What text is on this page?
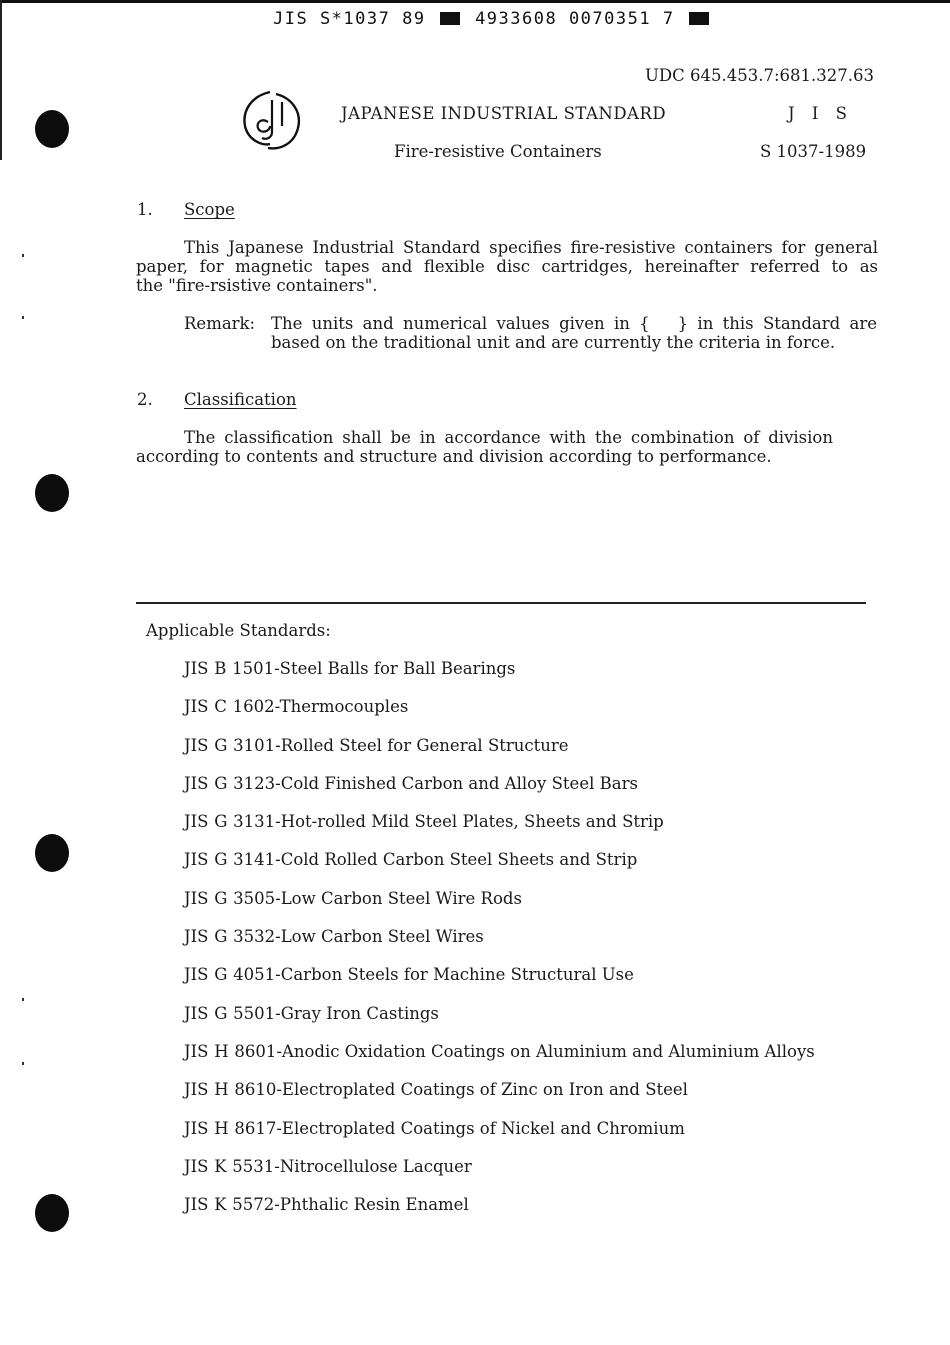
JIS S*1037 89	4933608 0070351 7
UDC 645.453.7:681.327.63
JAPANESE INDUSTRIAL STANDARD	J I S
Fire-resistive Containers	S 1037-1989
1. Scope
This Japanese Industrial Standard specifies fire-resistive containers for general
paper, for magnetic tapes and flexible disc cartridges, hereinafter referred to as
the "fire-rsistive containers".
Remark: The units and numerical values given in {   } in this Standard are
based on the traditional unit and are currently the criteria in force.
2. Classification
The classification shall be in accordance with the combination of division
according to contents and structure and division according to performance.
Applicable Standards:
JIS B 1501-Steel Balls for Ball Bearings
JIS C 1602-Thermocouples
JIS G 3101-Rolled Steel for General Structure
JIS G 3123-Cold Finished Carbon and Alloy Steel Bars
JIS G 3131-Hot-rolled Mild Steel Plates, Sheets and Strip
JIS G 3141-Cold Rolled Carbon Steel Sheets and Strip
JIS G 3505-Low Carbon Steel Wire Rods
JIS G 3532-Low Carbon Steel Wires
JIS G 4051-Carbon Steels for Machine Structural Use
JIS G 5501-Gray Iron Castings
JIS H 8601-Anodic Oxidation Coatings on Aluminium and Aluminium Alloys
JIS H 8610-Electroplated Coatings of Zinc on Iron and Steel
JIS H 8617-Electroplated Coatings of Nickel and Chromium
JIS K 5531-Nitrocellulose Lacquer
JIS K 5572-Phthalic Resin Enamel
